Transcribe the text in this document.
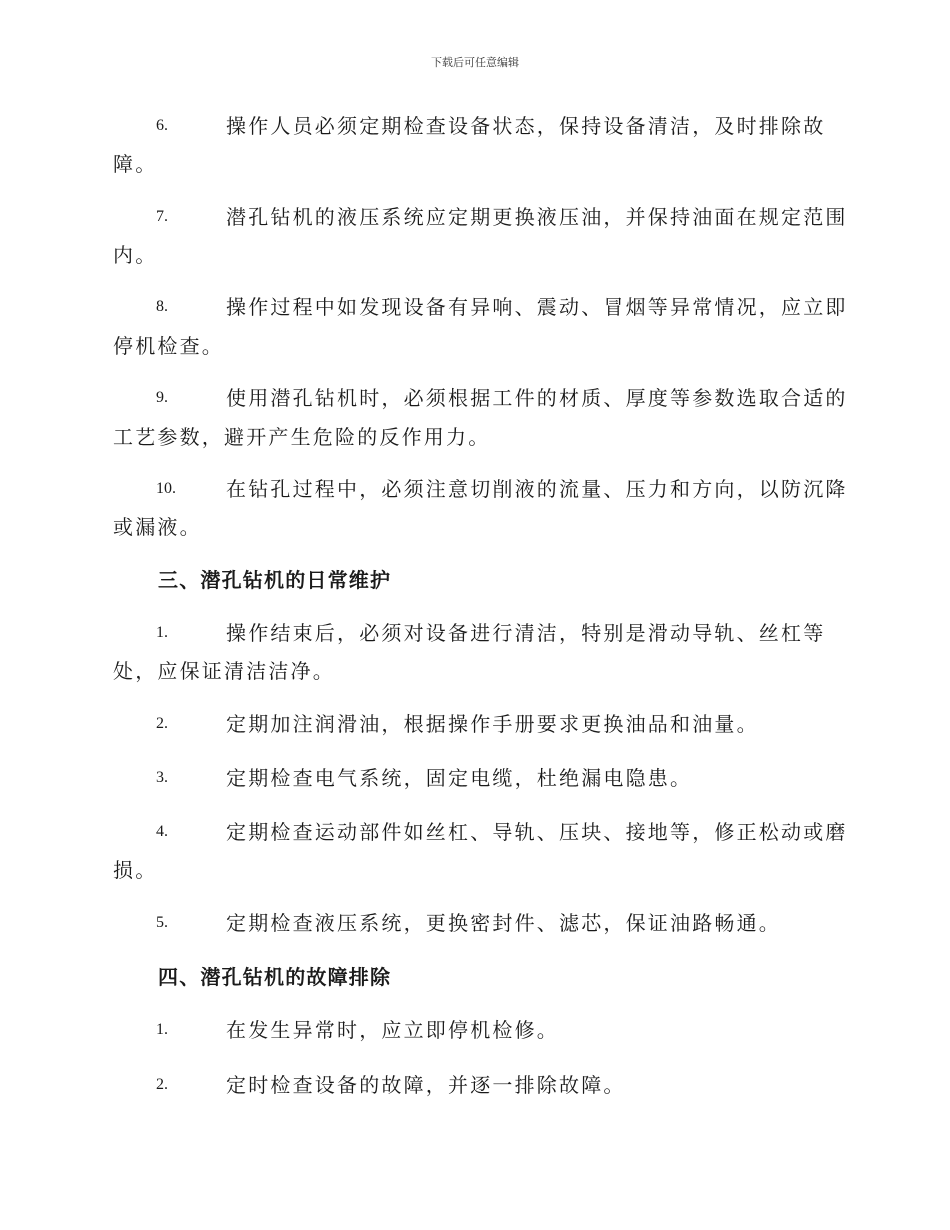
下载后可任意编辑
6.	操作人员必须定期检查设备状态，保持设备清洁，及时排除故
障。
7.	潜孔钻机的液压系统应定期更换液压油，并保持油面在规定范围
内。
8.	操作过程中如发现设备有异响、震动、冒烟等异常情况，应立即
停机检查。
9.	使用潜孔钻机时，必须根据工件的材质、厚度等参数选取合适的
工艺参数，避开产生危险的反作用力。
10.	在钻孔过程中，必须注意切削液的流量、压力和方向，以防沉降
或漏液。
三、潜孔钻机的日常维护
1.	操作结束后，必须对设备进行清洁，特别是滑动导轨、丝杠等
处，应保证清洁洁净。
2.	定期加注润滑油，根据操作手册要求更换油品和油量。
3.	定期检查电气系统，固定电缆，杜绝漏电隐患。
4.	定期检查运动部件如丝杠、导轨、压块、接地等，修正松动或磨
损。
5.	定期检查液压系统，更换密封件、滤芯，保证油路畅通。
四、潜孔钻机的故障排除
1.	在发生异常时，应立即停机检修。
2.	定时检查设备的故障，并逐一排除故障。
